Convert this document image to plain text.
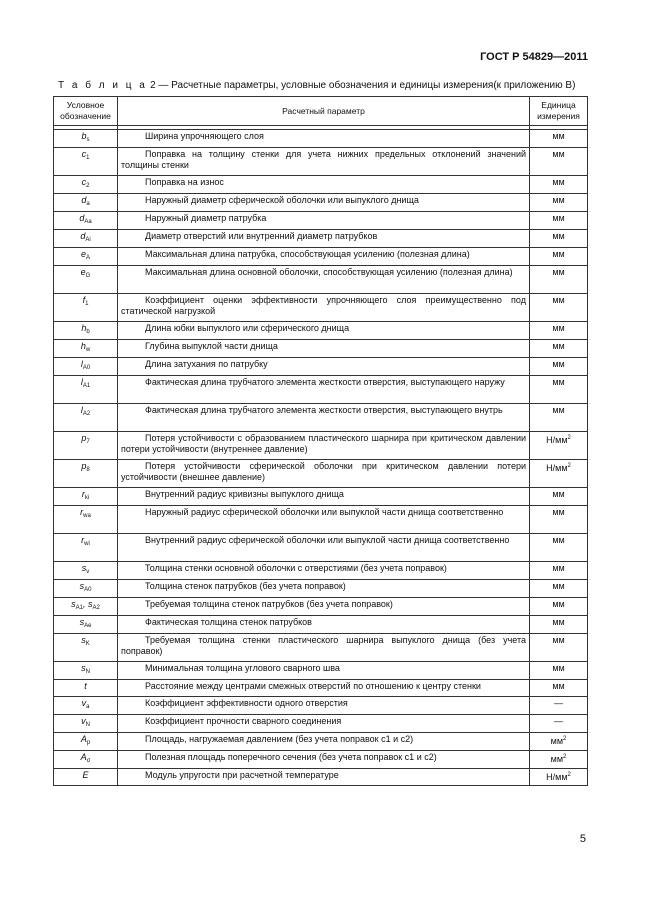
ГОСТ Р 54829—2011
Т а б л и ц а 2 — Расчетные параметры, условные обозначения и единицы измерения(к приложению В)
Условное обозначение	Расчетный параметр	Единица измерения

$b_s$	Ширина упрочняющего слоя	мм
$c_1$	Поправка на толщину стенки для учета нижних предельных отклонений значений толщины стенки	мм
$c_2$	Поправка на износ	мм
$d_a$	Наружный диаметр сферической оболочки или выпуклого днища	мм
$d_{Aa}$	Наружный диаметр патрубка	мм
$d_{Ai}$	Диаметр отверстий или внутренний диаметр патрубков	мм
$e_A$	Максимальная длина патрубка, способствующая усилению (полезная длина)	мм
$e_G$	Максимальная длина основной оболочки, способствующая усилению (полезная длина)	мм
$f_1$	Коэффициент оценки эффективности упрочняющего слоя преимущественно под статической нагрузкой	мм
$h_b$	Длина юбки выпуклого или сферического днища	мм
$h_w$	Глубина выпуклой части днища	мм
$l_{A0}$	Длина затухания по патрубку	мм
$l_{A1}$	Фактическая длина трубчатого элемента жесткости отверстия, выступающего наружу	мм
$l_{A2}$	Фактическая длина трубчатого элемента жесткости отверстия, выступающего внутрь	мм
$p_7$	Потеря устойчивости с образованием пластического шарнира при критическом давлении потери устойчивости (внутреннее давление)	$Н/мм^2$
$p_8$	Потеря устойчивости сферической оболочки при критическом давлении потери устойчивости (внешнее давление)	$Н/мм^2$
$r_{ki}$	Внутренний радиус кривизны выпуклого днища	мм
$r_{wa}$	Наружный радиус сферической оболочки или выпуклой части днища соответственно	мм
$r_{wi}$	Внутренний радиус сферической оболочки или выпуклой части днища соответственно	мм
$s_v$	Толщина стенки основной оболочки с отверстиями (без учета поправок)	мм
$s_{A0}$	Толщина стенок патрубков (без учета поправок)	мм
$s_{A1}$, $s_{A2}$	Требуемая толщина стенок патрубков (без учета поправок)	мм
$s_{Ae}$	Фактическая толщина стенок патрубков	мм
$s_K$	Требуемая толщина стенки пластического шарнира выпуклого днища (без учета поправок)	мм
$s_N$	Минимальная толщина углового сварного шва	мм
t	Расстояние между центрами смежных отверстий по отношению к центру стенки	мм
$v_a$	Коэффициент эффективности одного отверстия	—
$v_N$	Коэффициент прочности сварного соединения	—
$A_p$	Площадь, нагружаемая давлением (без учета поправок c1 и c2)	$мм^2$
$A_\sigma$	Полезная площадь поперечного сечения (без учета поправок c1 и c2)	$мм^2$
E	Модуль упругости при расчетной температуре	$Н/мм^2$
5
